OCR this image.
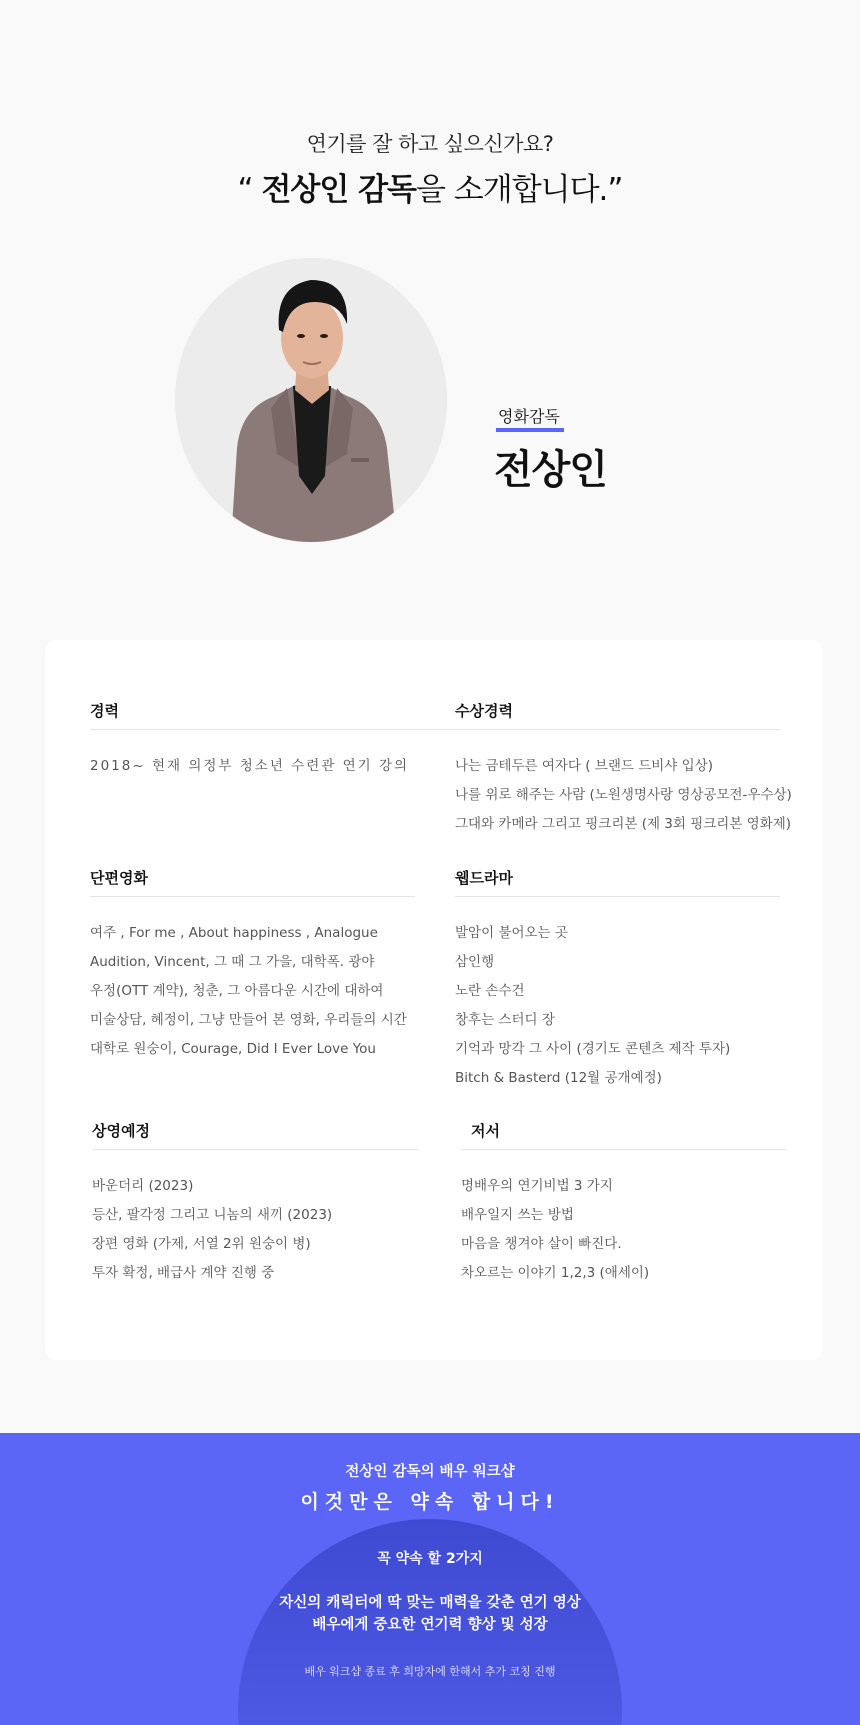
연기를 잘 하고 싶으신가요?
“ 전상인 감독을 소개합니다.”
영화감독
전상인
경력
2018~ 현재 의정부 청소년 수련관 연기 강의
수상경력
나는 금테두른 여자다 ( 브랜드 드비샤 입상)
나를 위로 해주는 사람 (노원생명사랑 영상공모전-우수상)
그대와 카메라 그리고 핑크리본 (제 3회 핑크리본 영화제)
단편영화
여주 , For me , About happiness , Analogue
Audition, Vincent, 그 때 그 가을, 대학폭. 광야
우정(OTT 계약), 청춘, 그 아름다운 시간에 대하여
미술상담, 혜정이, 그냥 만들어 본 영화, 우리들의 시간
대학로 원숭이, Courage, Did I Ever Love You
웹드라마
발암이 불어오는 곳
삼인행
노란 손수건
창후는 스터디 장
기억과 망각 그 사이 (경기도 콘텐츠 제작 투자)
Bitch & Basterd (12월 공개예정)
상영예정
바운더리 (2023)
등산, 팔각정 그리고 니놈의 새끼 (2023)
장편 영화 (가제, 서열 2위 원숭이 병)
투자 확정, 배급사 계약 진행 중
저서
명배우의 연기비법 3 가지
배우일지 쓰는 방법
마음을 챙겨야 살이 빠진다.
차오르는 이야기 1,2,3 (애세이)
전상인 감독의 배우 워크샵
이것만은 약속 합니다!
꼭 약속 할 2가지
자신의 캐릭터에 딱 맞는 매력을 갖춘 연기 영상
배우에게 중요한 연기력 향상 및 성장
배우 워크샵 종료 후 희망자에 한해서 추가 코칭 진행
